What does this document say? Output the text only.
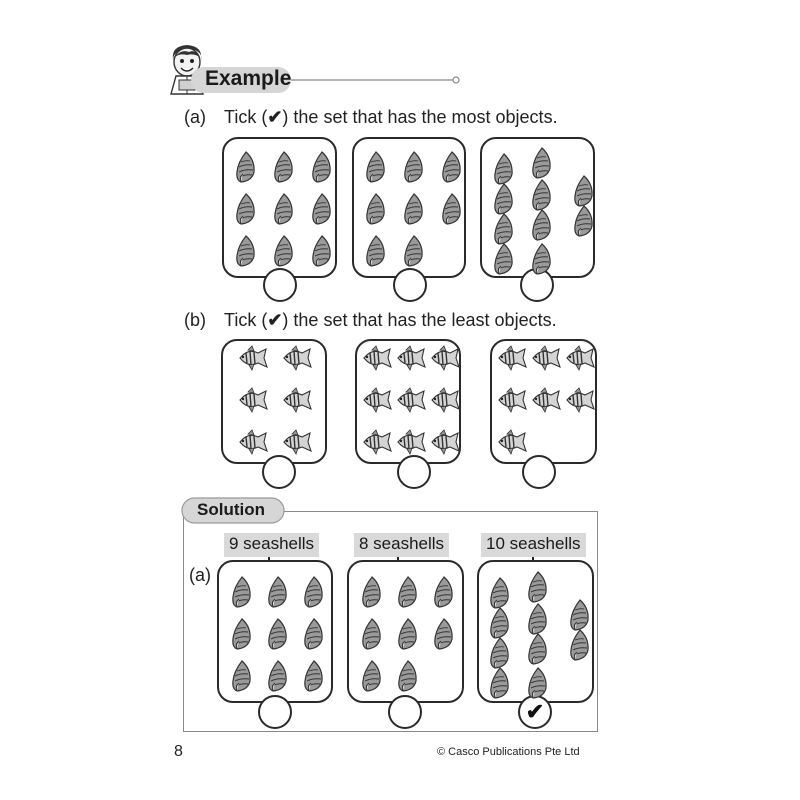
Example
(a) Tick (✔) the set that has the most objects.
(b) Tick (✔) the set that has the least objects.
Solution
9 seashells	8 seashells 10 seashells
(a)
✔
8	© Casco Publications Pte Ltd
